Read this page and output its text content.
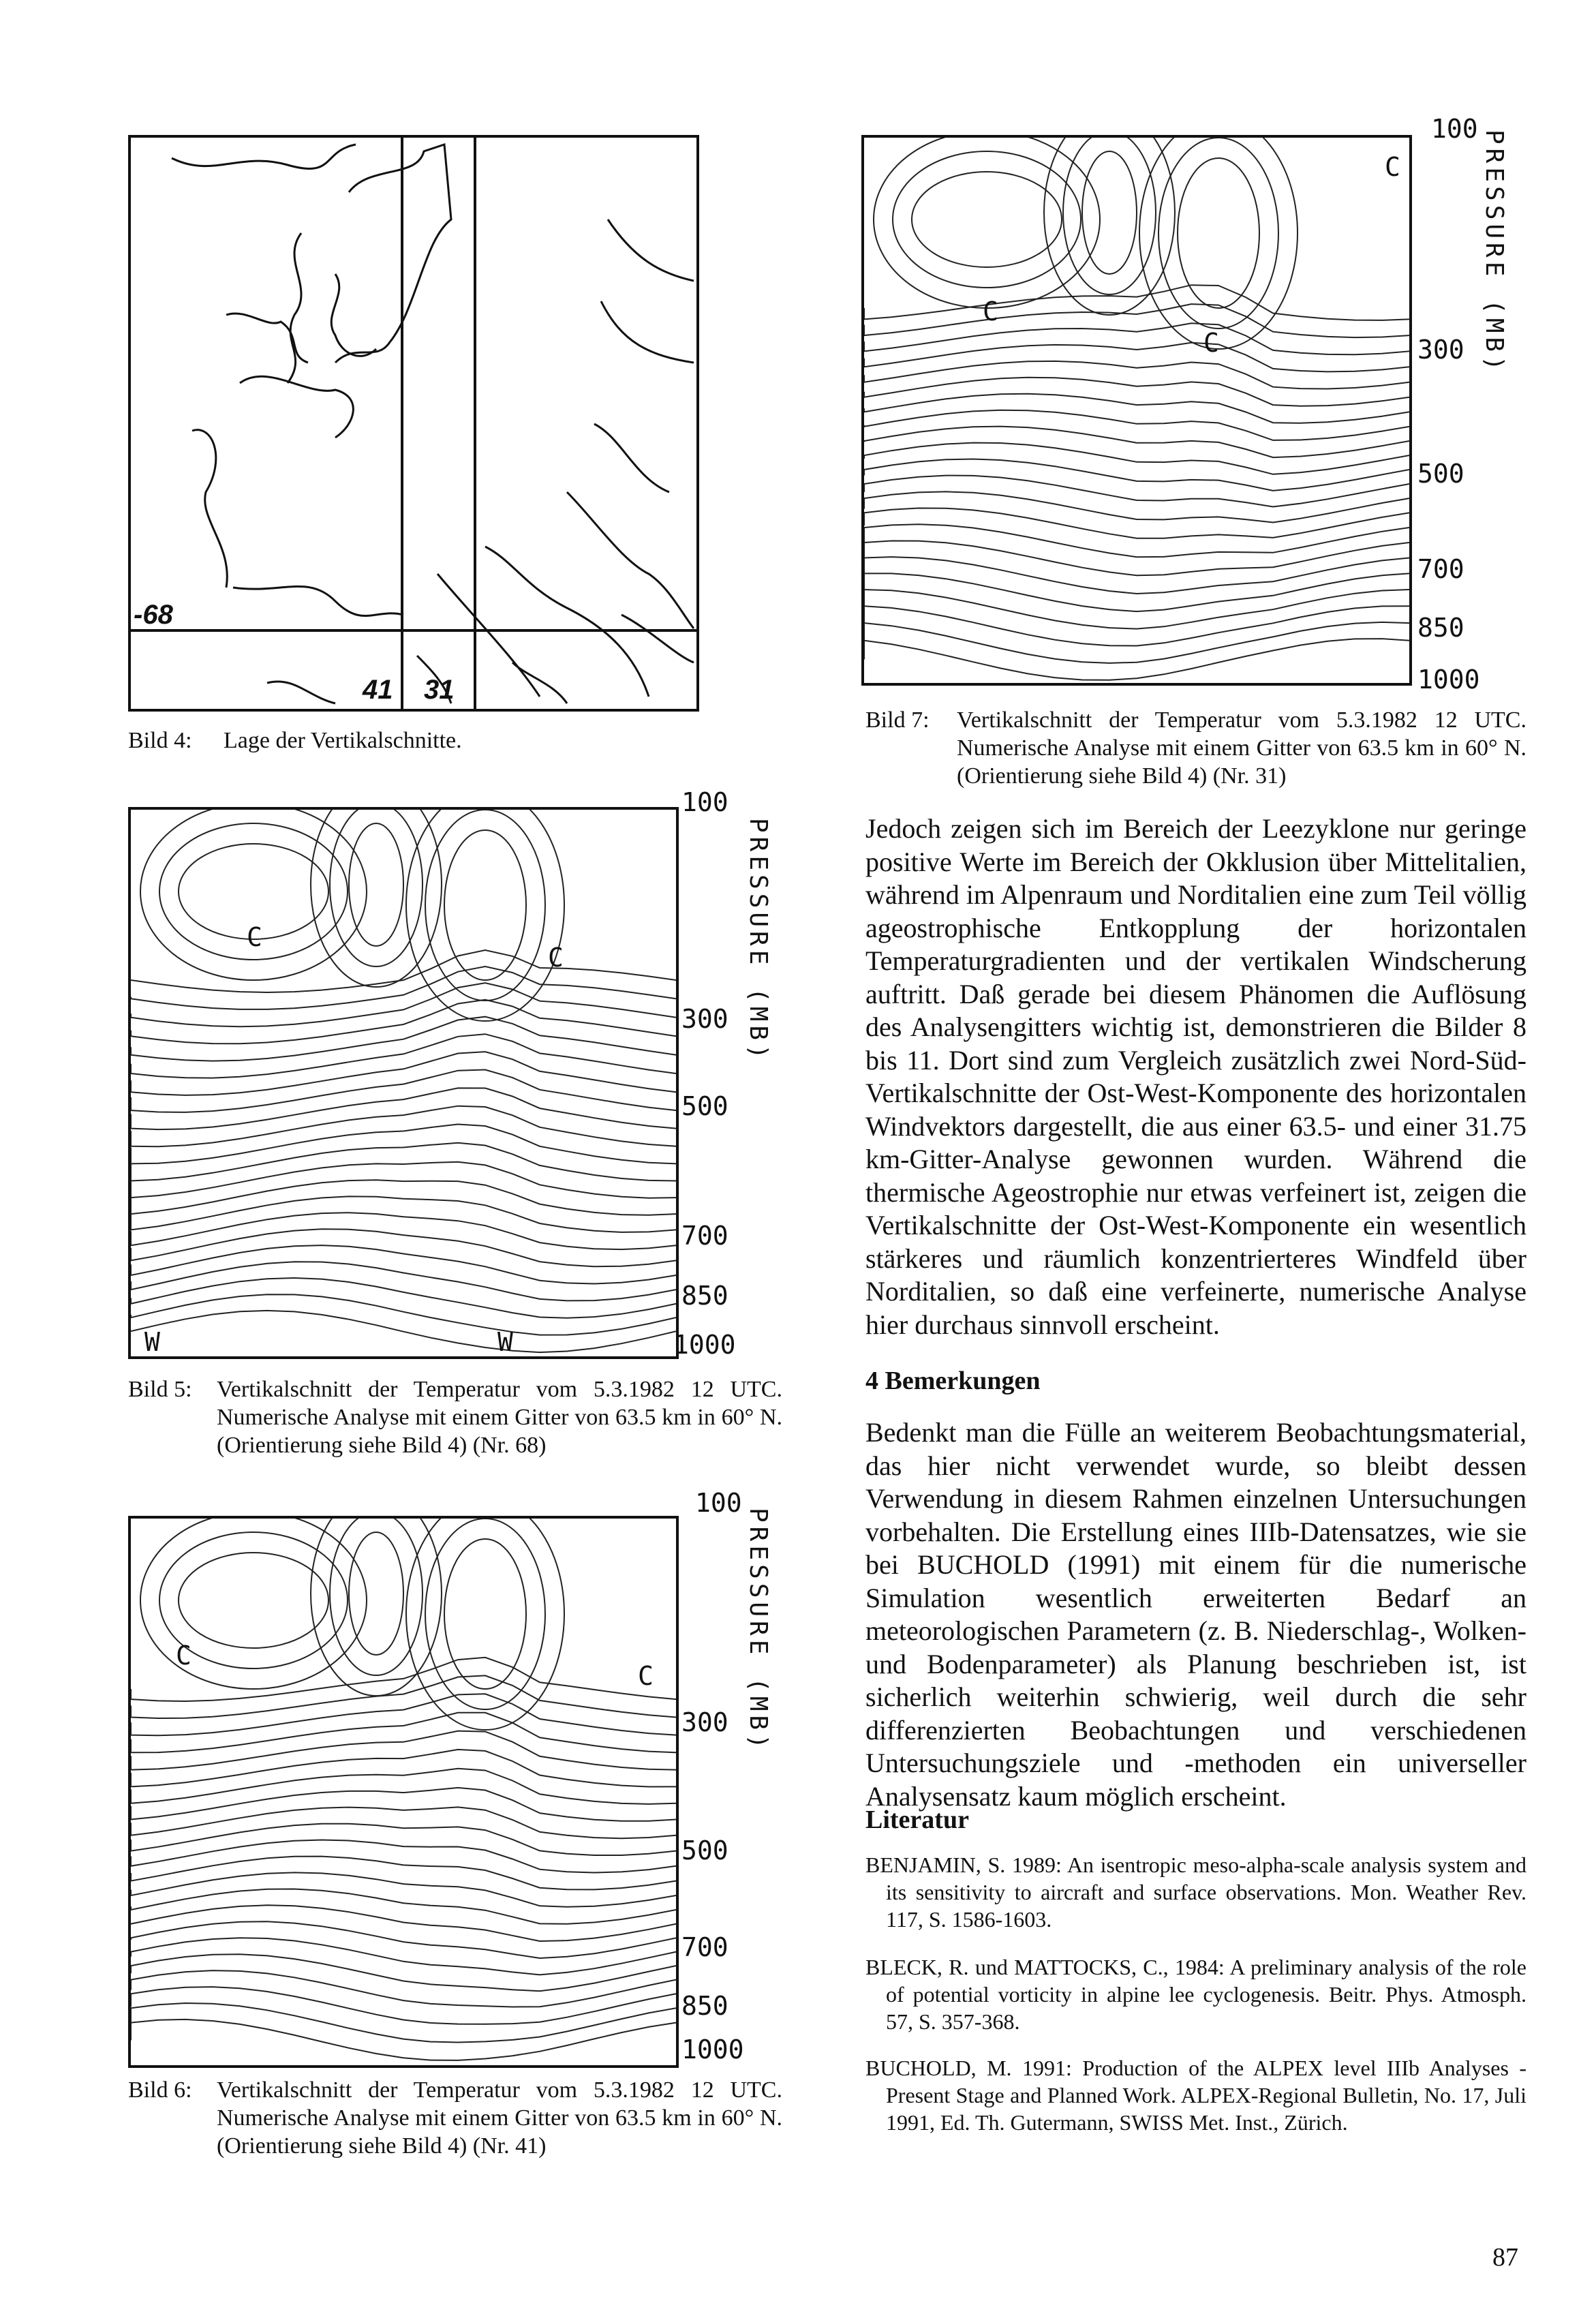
-68
41 31
Bild 4: Lage der Vertikalschnitte.
C
C
W	W
100
300
500
700
850
1000
PRESSURE (MB)
Bild 5: Vertikalschnitt der Temperatur vom 5.3.1982 12 UTC. Numerische Analyse mit einem Gitter von 63.5 km in 60° N. (Orientierung siehe Bild 4) (Nr. 68)
C
C
100
300
500
700
850
1000
PRESSURE (MB)
Bild 6: Vertikalschnitt der Temperatur vom 5.3.1982 12 UTC. Numerische Analyse mit einem Gitter von 63.5 km in 60° N. (Orientierung siehe Bild 4) (Nr. 41)
C
C
C
100
300
500
700
850
1000
PRESSURE (MB)
Bild 7: Vertikalschnitt der Temperatur vom 5.3.1982 12 UTC. Numerische Analyse mit einem Gitter von 63.5 km in 60° N. (Orientierung siehe Bild 4) (Nr. 31)
Jedoch zeigen sich im Bereich der Leezyklone nur geringe positive Werte im Bereich der Okklusion über Mittelitalien, während im Alpenraum und Norditalien eine zum Teil völlig ageostrophische Entkopplung der horizontalen Temperaturgradienten und der vertikalen Windscherung auftritt. Daß gerade bei diesem Phänomen die Auflösung des Analysengitters wichtig ist, demonstrieren die Bilder 8 bis 11. Dort sind zum Vergleich zusätzlich zwei Nord-Süd-Vertikalschnitte der Ost-West-Komponente des horizontalen Windvektors dargestellt, die aus einer 63.5- und einer 31.75 km-Gitter-Analyse gewonnen wurden. Während die thermische Ageostrophie nur etwas verfeinert ist, zeigen die Vertikalschnitte der Ost-West-Komponente ein wesentlich stärkeres und räumlich konzentrierteres Windfeld über Norditalien, so daß eine verfeinerte, numerische Analyse hier durchaus sinnvoll erscheint.
4 Bemerkungen
Bedenkt man die Fülle an weiterem Beobachtungsmaterial, das hier nicht verwendet wurde, so bleibt dessen Verwendung in diesem Rahmen einzelnen Untersuchungen vorbehalten. Die Erstellung eines IIIb-Datensatzes, wie sie bei BUCHOLD (1991) mit einem für die numerische Simulation wesentlich erweiterten Bedarf an meteorologischen Parametern (z. B. Niederschlag-, Wolken- und Bodenparameter) als Planung beschrieben ist, ist sicherlich weiterhin schwierig, weil durch die sehr differenzierten Beobachtungen und verschiedenen Untersuchungsziele und -methoden ein universeller Analysensatz kaum möglich erscheint.
Literatur
BENJAMIN, S. 1989: An isentropic meso-alpha-scale analysis system and its sensitivity to aircraft and surface observations. Mon. Weather Rev. 117, S. 1586-1603.
BLECK, R. und MATTOCKS, C., 1984: A preliminary analysis of the role of potential vorticity in alpine lee cyclogenesis. Beitr. Phys. Atmosph. 57, S. 357-368.
BUCHOLD, M. 1991: Production of the ALPEX level IIIb Analyses - Present Stage and Planned Work. ALPEX-Regional Bulletin, No. 17, Juli 1991, Ed. Th. Gutermann, SWISS Met. Inst., Zürich.
87
